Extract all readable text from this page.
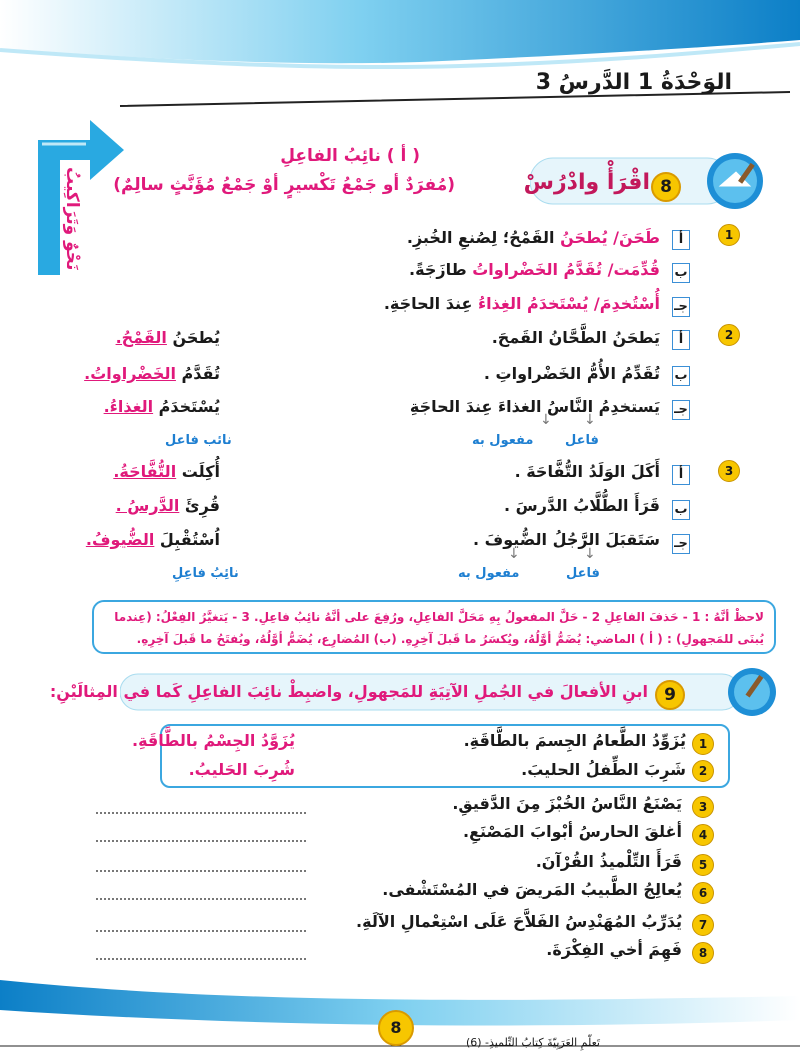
الوَحْدَةُ 1 الدَّرسُ 3
نَحْوٌ وَتَرَاكِيبُ	8
اقْرَأْ وادْرُسْ
( أ ) نائِبُ الفاعِلِ
(مُفرَدٌ أو جَمْعُ تَكْسيرٍ أوْ جَمْعُ مُؤَنَّثٍ سالِمٌ)
1
أ
طَحَنَ/ يُطحَنُ القَمْحُ؛ لِصُنعِ الخُبزِ.
ب
قُدِّمَت/ تُقَدَّمُ الخَضْراواتُ طازَجَةً.
جـ
أُسْتُخدِمَ/ يُسْتَخدَمُ الغِذاءُ عِندَ الحاجَةِ.
2
أ
يَطحَنُ الطَّحَّانُ القَمحَ.
يُطحَنُ القَمْحُ.
ب
تُقَدِّمُ الأُمُّ الخَضْراواتِ .
تُقَدَّمُ الخَضْراواتُ.
جـ
يَستخدِمُ النَّاسُ الغذاءَ عِندَ الحاجَةِ
يُسْتَخدَمُ الغذاءُ.
↓ ↓
فاعل
مفعول به
نائب فاعل
3
أ
أَكَلَ الوَلَدُ التُّفَّاحَةَ .
أُكِلَت التُّفَّاحَةُ.
ب
قَرَأَ الطُّلَّابُ الدَّرسَ .
قُرِئَ الدَّرسُ .
جـ
سَتَقبَلَ الرَّجُلُ الضُّيوفَ .
اُسْتُقْبِلَ الضُّيوفُ.
↓	↓
فاعل
مفعول به
نائِبُ فاعِلِ
لاحظْ أنَّهُ : 1 - حَذفَ الفاعِلِ 2 - حَلَّ المفعولُ بِهِ مَحَلَّ الفاعِلِ، ورُفِعَ على أنَّهُ نائِبُ فاعِلِ. 3 - يَتغيَّرُ الفِعْلُ: (عِندما يُبنَى للمَجهولِ) : ( أ ) الماضي: يُضَمُّ أوَّلُهُ، ويُكسَرُ ما قَبلَ آخِرِهِ. (ب) المُضارِع، يُضَمُّ أوَّلُهُ، ويُفتَحُ ما قَبلَ آخِرِهِ.
9
ابنِ الأفعالَ في الجُملِ الآتِيَةِ للمَجهولِ، واضبِطْ نائِبَ الفاعِلِ كَما في المِثالَيْنِ:
1
يُزَوِّدُ الطَّعامُ الجِسمَ بالطَّاقَةِ.
يُزَوَّدُ الجِسْمُ بالطَّاقَةِ.
2
شَرِبَ الطِّفلُ الحليبَ.
شُرِبَ الحَليبُ.
3
يَصْنَعُ النَّاسُ الخُبْزَ مِنَ الدَّقيقِ.
4
أغلقَ الحارسُ أبْوابَ المَصْنَعِ.
5
قَرَأَ التِّلْميذُ القُرْآنَ.
6
يُعالِجُ الطَّبيبُ المَريضَ في المُسْتَشْفى.
7
يُدَرِّبُ المُهَنْدِسُ الفَلاَّحَ عَلَى اسْتِعْمالِ الآلَةِ.
8
فَهِمَ أخي الفِكْرَةَ.
8
تَعلّمِ العَرَبِيّةَ كِتابُ التِّلميذِ- (6)
